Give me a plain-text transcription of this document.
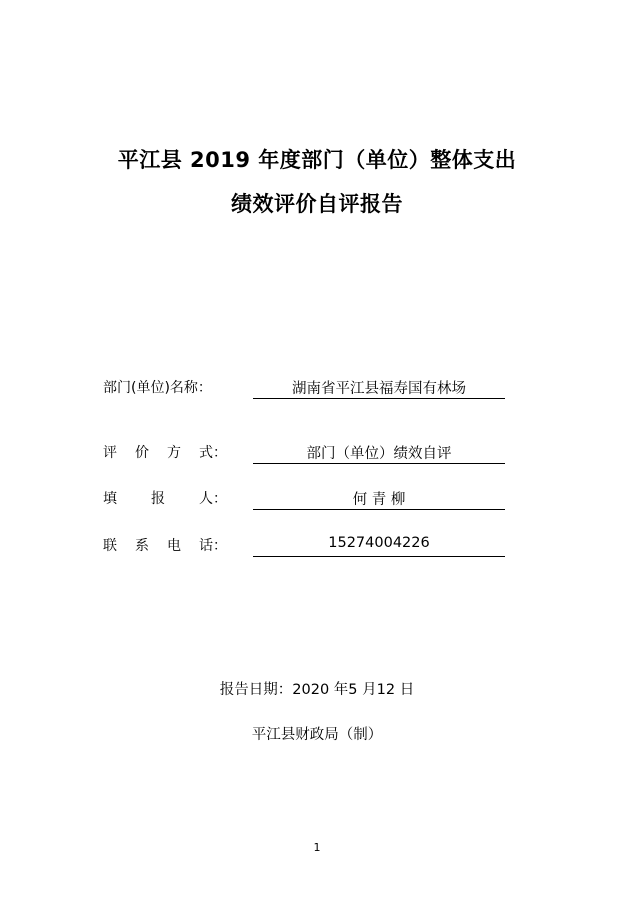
平江县 2019 年度部门（单位）整体支出
绩效评价自评报告
部门(单位)名称：	湖南省平江县福寿国有林场
评 价 方 式：	部门（单位）绩效自评
填 报 人：	何 青 柳
联 系 电 话：	15274004226
报告日期：2020 年5 月12 日
平江县财政局（制）
1
